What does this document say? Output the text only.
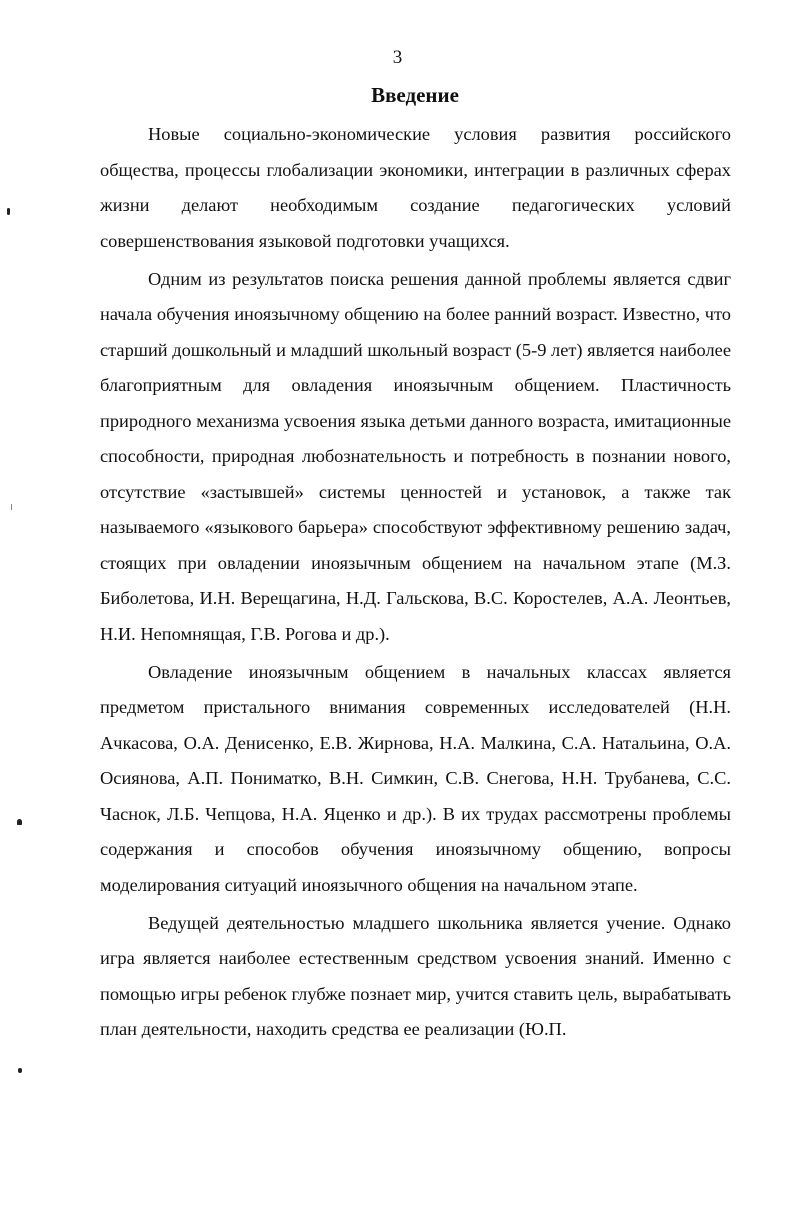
3
Введение

Новые социально-экономические условия развития российского общества, процессы глобализации экономики, интеграции в различных сферах жизни делают необходимым создание педагогических условий совершенствования языковой подготовки учащихся.

Одним из результатов поиска решения данной проблемы является сдвиг начала обучения иноязычному общению на более ранний возраст. Известно, что старший дошкольный и младший школьный возраст (5-9 лет) является наиболее благоприятным для овладения иноязычным общением. Пластичность природного механизма усвоения языка детьми данного возраста, имитационные способности, природная любознательность и потребность в познании нового, отсутствие «застывшей» системы ценностей и установок, а также так называемого «языкового барьера» способствуют эффективному решению задач, стоящих при овладении иноязычным общением на начальном этапе (М.З. Биболетова, И.Н. Верещагина, Н.Д. Гальскова, В.С. Коростелев, А.А. Леонтьев, Н.И. Непомнящая, Г.В. Рогова и др.).

Овладение иноязычным общением в начальных классах является предметом пристального внимания современных исследователей (Н.Н. Ачкасова, О.А. Денисенко, Е.В. Жирнова, Н.А. Малкина, С.А. Натальина, О.А. Осиянова, А.П. Пониматко, В.Н. Симкин, С.В. Снегова, Н.Н. Трубанева, С.С. Часнок, Л.Б. Чепцова, Н.А. Яценко и др.). В их трудах рассмотрены проблемы содержания и способов обучения иноязычному общению, вопросы моделирования ситуаций иноязычного общения на начальном этапе.

Ведущей деятельностью младшего школьника является учение. Однако игра является наиболее естественным средством усвоения знаний. Именно с помощью игры ребенок глубже познает мир, учится ставить цель, вырабатывать план деятельности, находить средства ее реализации (Ю.П.
